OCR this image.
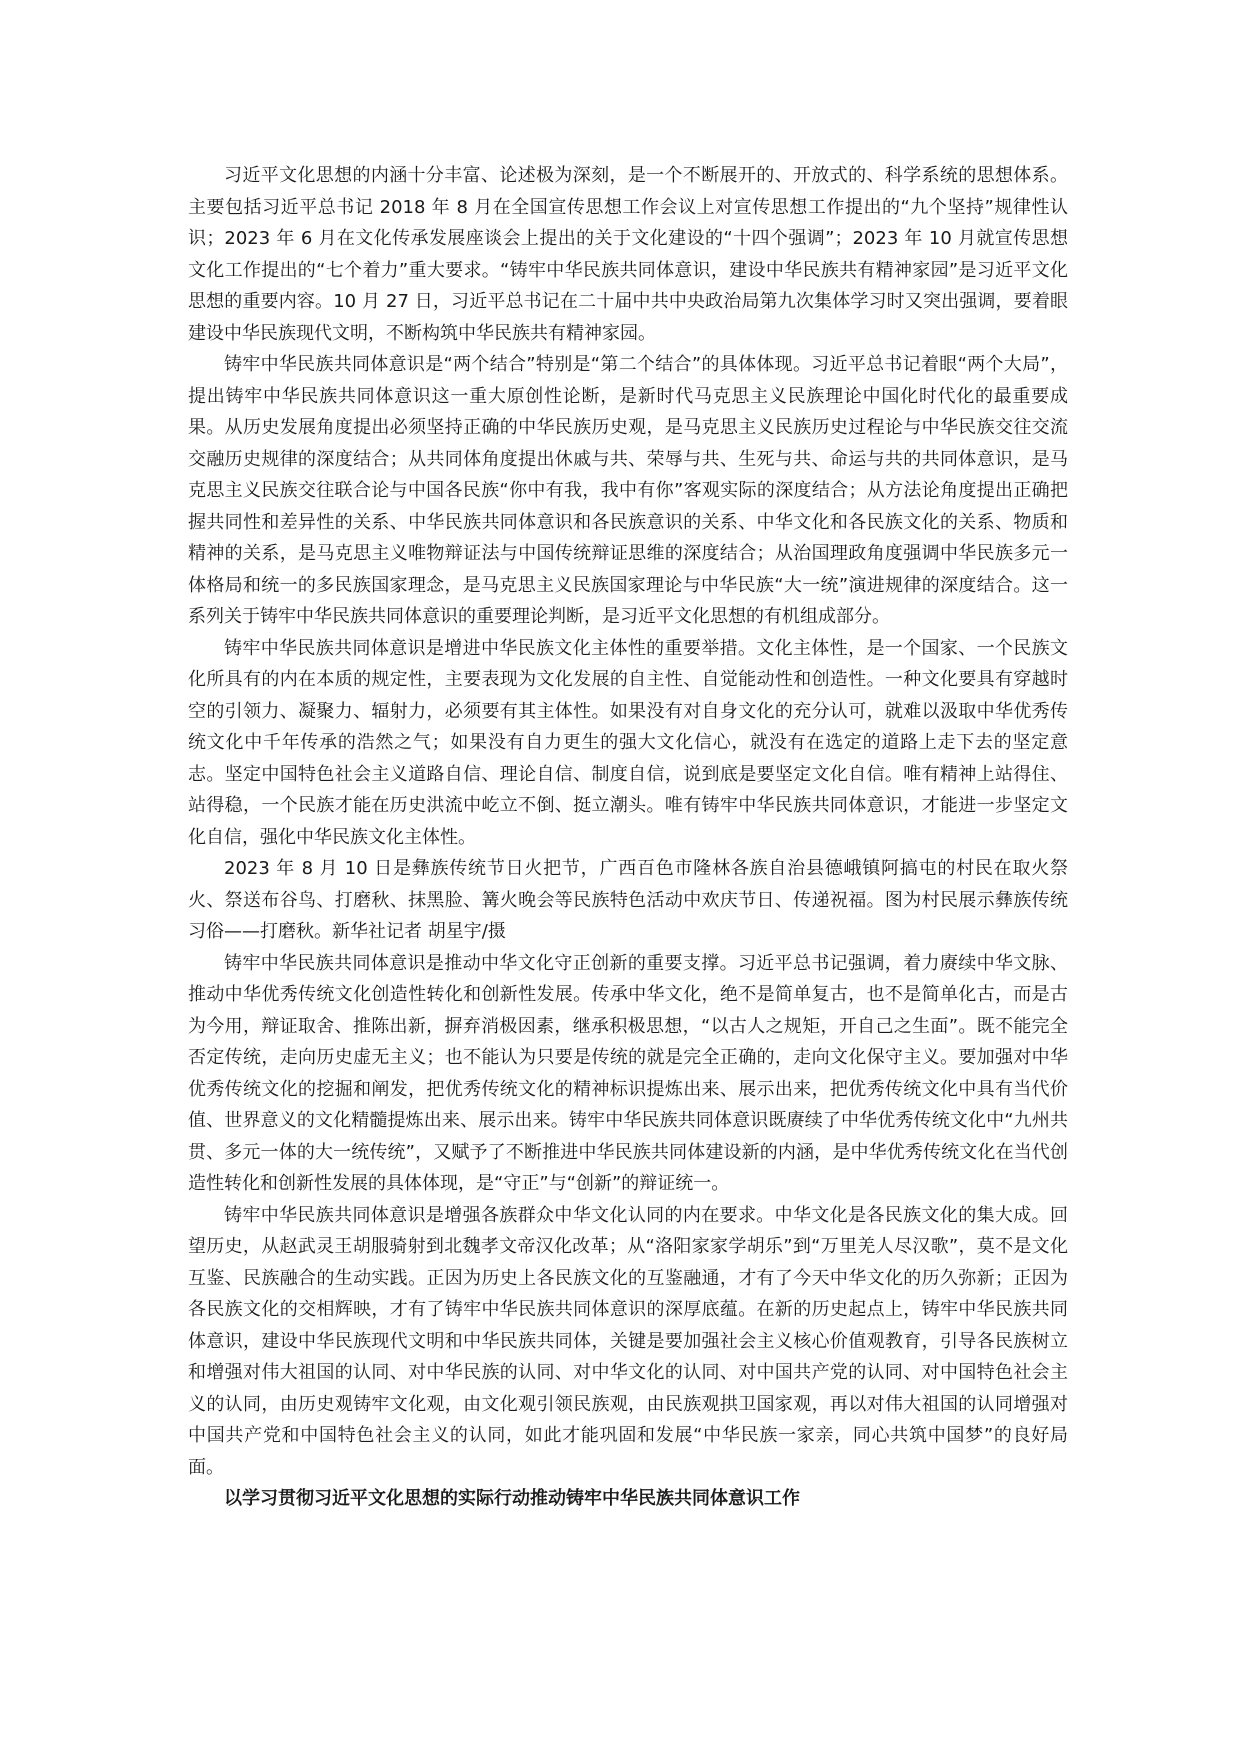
习近平文化思想的内涵十分丰富、论述极为深刻，是一个不断展开的、开放式的、科学系统的思想体系。主要包括习近平总书记 2018 年 8 月在全国宣传思想工作会议上对宣传思想工作提出的“九个坚持”规律性认识；2023 年 6 月在文化传承发展座谈会上提出的关于文化建设的“十四个强调”；2023 年 10 月就宣传思想文化工作提出的“七个着力”重大要求。“铸牢中华民族共同体意识，建设中华民族共有精神家园”是习近平文化思想的重要内容。10 月 27 日，习近平总书记在二十届中共中央政治局第九次集体学习时又突出强调，要着眼建设中华民族现代文明，不断构筑中华民族共有精神家园。

铸牢中华民族共同体意识是“两个结合”特别是“第二个结合”的具体体现。习近平总书记着眼“两个大局”，提出铸牢中华民族共同体意识这一重大原创性论断，是新时代马克思主义民族理论中国化时代化的最重要成果。从历史发展角度提出必须坚持正确的中华民族历史观，是马克思主义民族历史过程论与中华民族交往交流交融历史规律的深度结合；从共同体角度提出休戚与共、荣辱与共、生死与共、命运与共的共同体意识，是马克思主义民族交往联合论与中国各民族“你中有我，我中有你”客观实际的深度结合；从方法论角度提出正确把握共同性和差异性的关系、中华民族共同体意识和各民族意识的关系、中华文化和各民族文化的关系、物质和精神的关系，是马克思主义唯物辩证法与中国传统辩证思维的深度结合；从治国理政角度强调中华民族多元一体格局和统一的多民族国家理念，是马克思主义民族国家理论与中华民族“大一统”演进规律的深度结合。这一系列关于铸牢中华民族共同体意识的重要理论判断，是习近平文化思想的有机组成部分。

铸牢中华民族共同体意识是增进中华民族文化主体性的重要举措。文化主体性，是一个国家、一个民族文化所具有的内在本质的规定性，主要表现为文化发展的自主性、自觉能动性和创造性。一种文化要具有穿越时空的引领力、凝聚力、辐射力，必须要有其主体性。如果没有对自身文化的充分认可，就难以汲取中华优秀传统文化中千年传承的浩然之气；如果没有自力更生的强大文化信心，就没有在选定的道路上走下去的坚定意志。坚定中国特色社会主义道路自信、理论自信、制度自信，说到底是要坚定文化自信。唯有精神上站得住、站得稳，一个民族才能在历史洪流中屹立不倒、挺立潮头。唯有铸牢中华民族共同体意识，才能进一步坚定文化自信，强化中华民族文化主体性。

2023 年 8 月 10 日是彝族传统节日火把节，广西百色市隆林各族自治县德峨镇阿搞屯的村民在取火祭火、祭送布谷鸟、打磨秋、抹黑脸、篝火晚会等民族特色活动中欢庆节日、传递祝福。图为村民展示彝族传统习俗——打磨秋。新华社记者 胡星宇/摄

铸牢中华民族共同体意识是推动中华文化守正创新的重要支撑。习近平总书记强调，着力赓续中华文脉、推动中华优秀传统文化创造性转化和创新性发展。传承中华文化，绝不是简单复古，也不是简单化古，而是古为今用，辩证取舍、推陈出新，摒弃消极因素，继承积极思想，“以古人之规矩，开自己之生面”。既不能完全否定传统，走向历史虚无主义；也不能认为只要是传统的就是完全正确的，走向文化保守主义。要加强对中华优秀传统文化的挖掘和阐发，把优秀传统文化的精神标识提炼出来、展示出来，把优秀传统文化中具有当代价值、世界意义的文化精髓提炼出来、展示出来。铸牢中华民族共同体意识既赓续了中华优秀传统文化中“九州共贯、多元一体的大一统传统”，又赋予了不断推进中华民族共同体建设新的内涵，是中华优秀传统文化在当代创造性转化和创新性发展的具体体现，是“守正”与“创新”的辩证统一。

铸牢中华民族共同体意识是增强各族群众中华文化认同的内在要求。中华文化是各民族文化的集大成。回望历史，从赵武灵王胡服骑射到北魏孝文帝汉化改革；从“洛阳家家学胡乐”到“万里羌人尽汉歌”，莫不是文化互鉴、民族融合的生动实践。正因为历史上各民族文化的互鉴融通，才有了今天中华文化的历久弥新；正因为各民族文化的交相辉映，才有了铸牢中华民族共同体意识的深厚底蕴。在新的历史起点上，铸牢中华民族共同体意识，建设中华民族现代文明和中华民族共同体，关键是要加强社会主义核心价值观教育，引导各民族树立和增强对伟大祖国的认同、对中华民族的认同、对中华文化的认同、对中国共产党的认同、对中国特色社会主义的认同，由历史观铸牢文化观，由文化观引领民族观，由民族观拱卫国家观，再以对伟大祖国的认同增强对中国共产党和中国特色社会主义的认同，如此才能巩固和发展“中华民族一家亲，同心共筑中国梦”的良好局面。

以学习贯彻习近平文化思想的实际行动推动铸牢中华民族共同体意识工作
